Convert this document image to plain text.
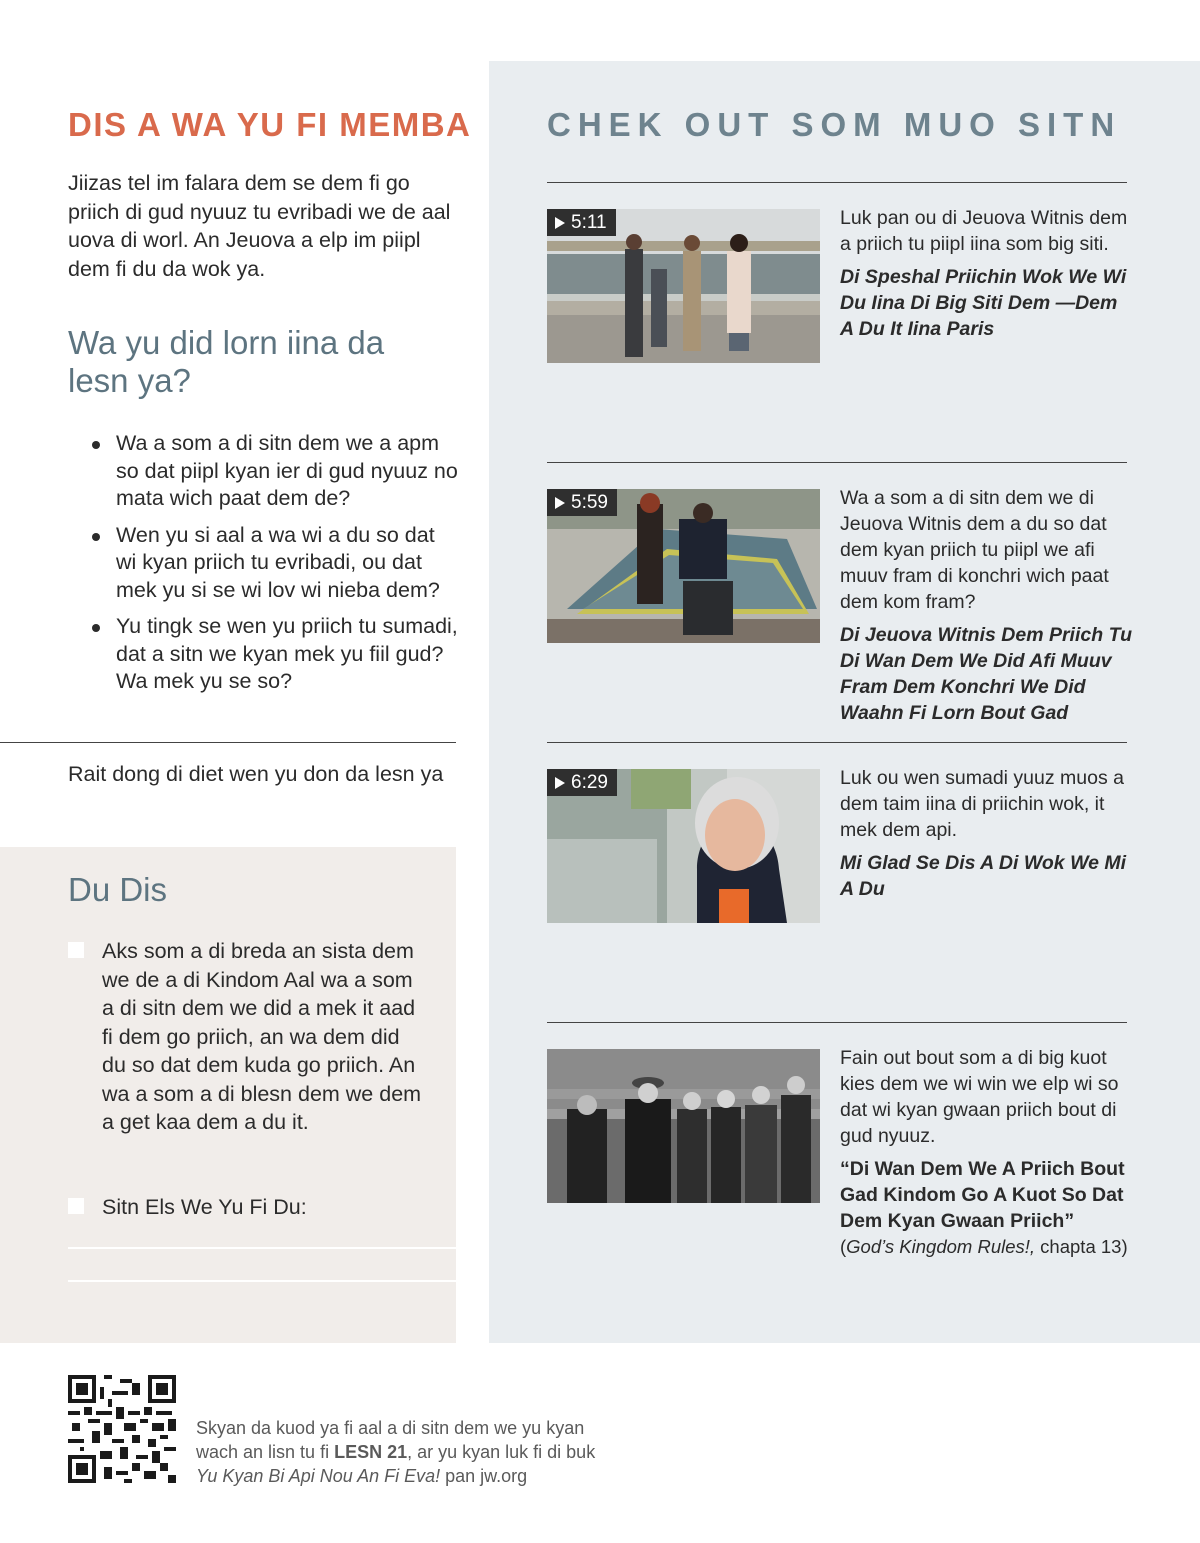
DIS A WA YU FI MEMBA

Jiizas tel im falara dem se dem fi go priich di gud nyuuz tu evribadi we de aal uova di worl. An Jeuova a elp im piipl dem fi du da wok ya.

Wa yu did lorn iina da lesn ya?
Wa a som a di sitn dem we a apm so dat piipl kyan ier di gud nyuuz no mata wich paat dem de?
Wen yu si aal a wa wi a du so dat wi kyan priich tu evribadi, ou dat mek yu si se wi lov wi nieba dem?
Yu tingk se wen yu priich tu sumadi, dat a sitn we kyan mek yu fiil gud? Wa mek yu se so?

Rait dong di diet wen yu don da lesn ya

Du Dis
Aks som a di breda an sista dem we de a di Kindom Aal wa a som a di sitn dem we did a mek it aad fi dem go priich, an wa dem did du so dat dem kuda go priich. An wa a som a di blesn dem we dem a get kaa dem a du it.
Sitn Els We Yu Fi Du:
CHEK OUT SOM MUO SITN
5:11	Luk pan ou di Jeuova Witnis dem a priich tu piipl iina som big siti.

Di Speshal Priichin Wok We Wi Du Iina Di Big Siti Dem —Dem A Du It Iina Paris

5:59	Wa a som a di sitn dem we di Jeuova Witnis dem a du so dat dem kyan priich tu piipl we afi muuv fram di konchri wich paat dem kom fram?

Di Jeuova Witnis Dem Priich Tu Di Wan Dem We Did Afi Muuv Fram Dem Konchri We Did Waahn Fi Lorn Bout Gad

6:29	Luk ou wen sumadi yuuz muos a dem taim iina di priichin wok, it mek dem api.

Mi Glad Se Dis A Di Wok We Mi A Du

Fain out bout som a di big kuot kies dem we wi win we elp wi so dat wi kyan gwaan priich bout di gud nyuuz.

“Di Wan Dem We A Priich Bout Gad Kindom Go A Kuot So Dat Dem Kyan Gwaan Priich”

(God’s Kingdom Rules!, chapta 13)

Skyan da kuod ya fi aal a di sitn dem we yu kyan
wach an lisn tu fi LESN 21, ar yu kyan luk fi di buk
Yu Kyan Bi Api Nou An Fi Eva! pan jw.org
